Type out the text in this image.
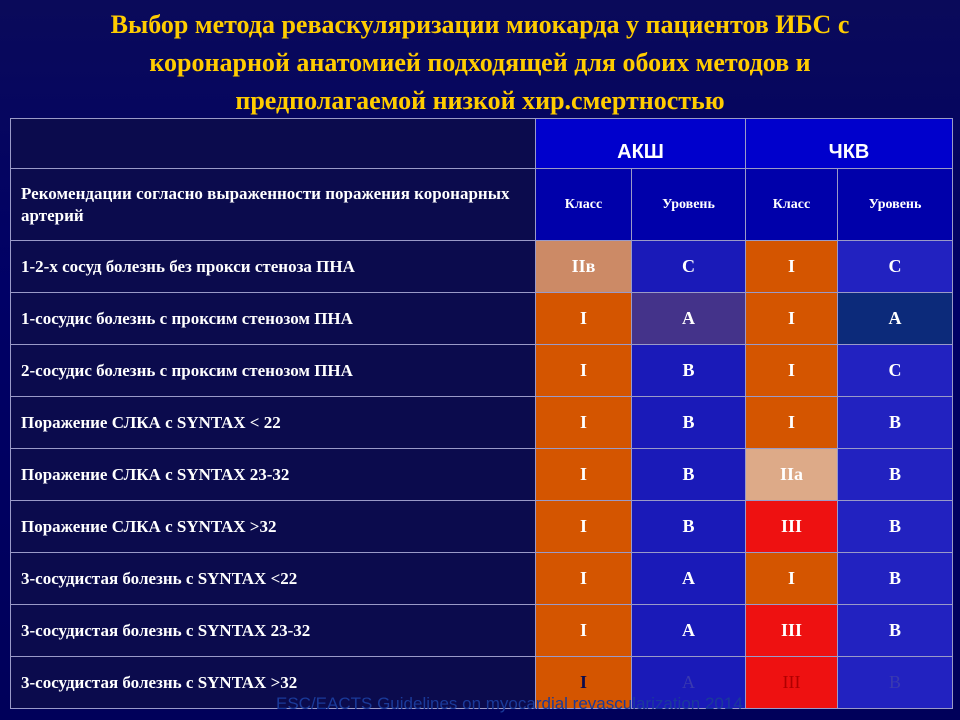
Выбор метода реваскуляризации миокарда у пациентов ИБС с
коронарной анатомией подходящей для обоих методов и
предполагаемой низкой хир.смертностью
	АКШ		ЧКВ	
Рекомендации согласно выраженности поражения коронарных артерий	Класс	Уровень	Класс	Уровень
1-2-х сосуд болезнь без прокси стеноза ПНА	IIв	C	I	C
1-сосудис болезнь с проксим стенозом ПНА	I	A	I	A
2-сосудис болезнь с проксим стенозом ПНА	I	B	I	C
Поражение СЛКА с SYNTAX < 22	I	B	I	B
Поражение СЛКА с SYNTAX 23-32	I	B	IIa	B
Поражение СЛКА с SYNTAX >32	I	B	III	B
3-сосудистая болезнь с SYNTAX <22	I	A	I	B
3-сосудистая болезнь с SYNTAX 23-32	I	A	III	B
3-сосудистая болезнь с SYNTAX >32	I	A	III	B
ESC/EACTS Guidelines on myocardial revascularization 2014
